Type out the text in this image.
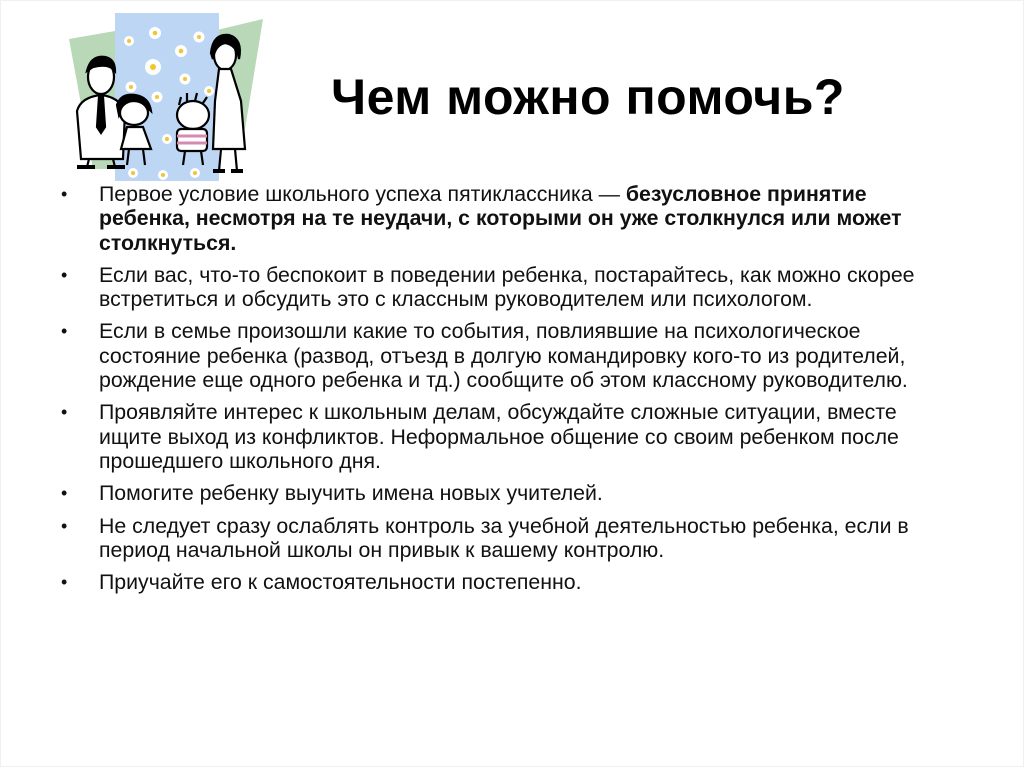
Чем можно помочь?
• Первое условие школьного успеха пятиклассника — безусловное принятие ребенка, несмотря на те неудачи, с которыми он уже столкнулся или может столкнуться.
• Если вас, что-то беспокоит в поведении ребенка, постарайтесь, как можно скорее встретиться и обсудить это с классным руководителем или психологом.
• Если в семье произошли какие то события, повлиявшие на психологическое состояние ребенка (развод, отъезд в долгую командировку кого-то из родителей, рождение еще одного ребенка и тд.) сообщите об этом классному руководителю.
• Проявляйте интерес к школьным делам, обсуждайте сложные ситуации, вместе ищите выход из конфликтов. Неформальное общение со своим ребенком после прошедшего школьного дня.
• Помогите ребенку выучить имена новых учителей.
• Не следует сразу ослаблять контроль за учебной деятельностью ребенка, если в период начальной школы он привык к вашему контролю.
• Приучайте его к самостоятельности постепенно.
